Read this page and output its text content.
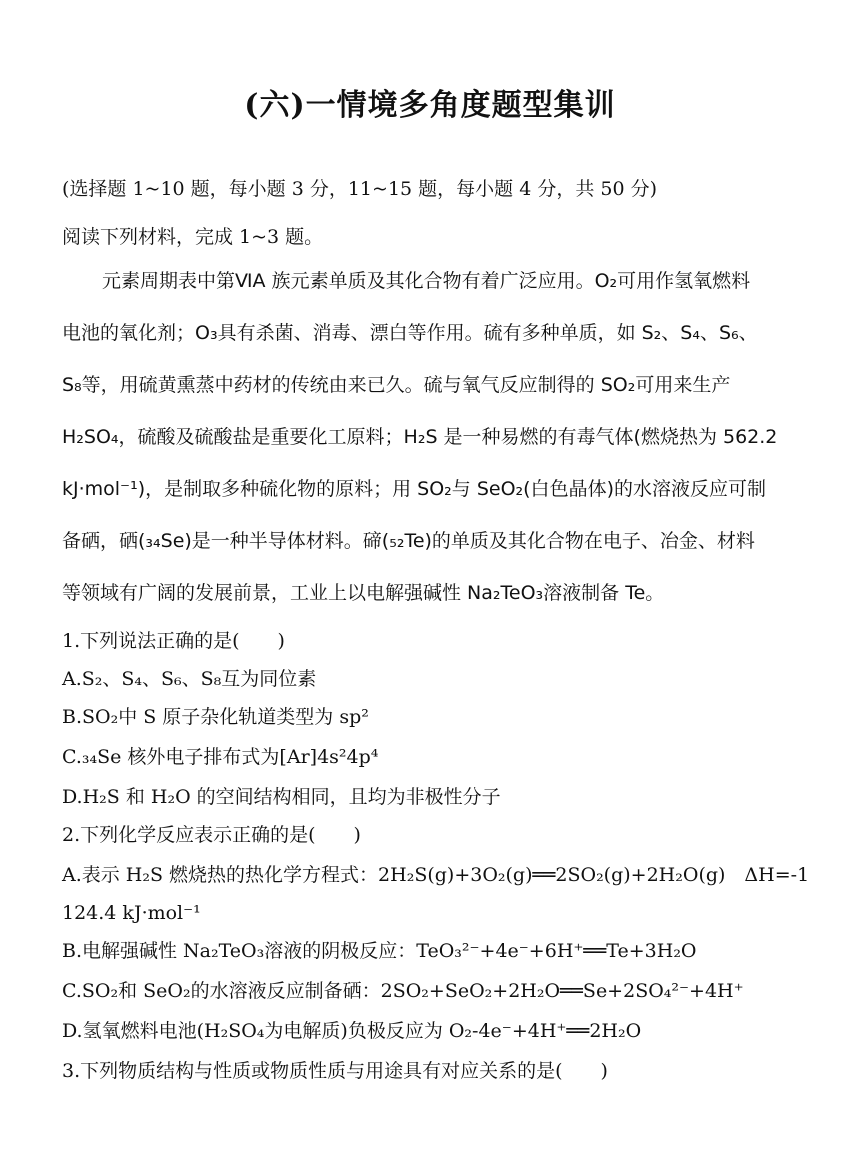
(六)一情境多角度题型集训
(选择题 1~10 题，每小题 3 分，11~15 题，每小题 4 分，共 50 分)
阅读下列材料，完成 1~3 题。
元素周期表中第ⅥA 族元素单质及其化合物有着广泛应用。O₂可用作氢氧燃料
电池的氧化剂；O₃具有杀菌、消毒、漂白等作用。硫有多种单质，如 S₂、S₄、S₆、
S₈等，用硫黄熏蒸中药材的传统由来已久。硫与氧气反应制得的 SO₂可用来生产
H₂SO₄，硫酸及硫酸盐是重要化工原料；H₂S 是一种易燃的有毒气体(燃烧热为 562.2
kJ·mol⁻¹)，是制取多种硫化物的原料；用 SO₂与 SeO₂(白色晶体)的水溶液反应可制
备硒，硒(₃₄Se)是一种半导体材料。碲(₅₂Te)的单质及其化合物在电子、冶金、材料
等领域有广阔的发展前景，工业上以电解强碱性 Na₂TeO₃溶液制备 Te。
1.下列说法正确的是(　　)
A.S₂、S₄、S₆、S₈互为同位素
B.SO₂中 S 原子杂化轨道类型为 sp²
C.₃₄Se 核外电子排布式为[Ar]4s²4p⁴
D.H₂S 和 H₂O 的空间结构相同，且均为非极性分子
2.下列化学反应表示正确的是(　　)
A.表示 H₂S 燃烧热的热化学方程式：2H₂S(g)+3O₂(g)══2SO₂(g)+2H₂O(g)　ΔH=-1
124.4 kJ·mol⁻¹
B.电解强碱性 Na₂TeO₃溶液的阴极反应：TeO₃²⁻+4e⁻+6H⁺══Te+3H₂O
C.SO₂和 SeO₂的水溶液反应制备硒：2SO₂+SeO₂+2H₂O══Se+2SO₄²⁻+4H⁺
D.氢氧燃料电池(H₂SO₄为电解质)负极反应为 O₂-4e⁻+4H⁺══2H₂O
3.下列物质结构与性质或物质性质与用途具有对应关系的是(　　)
